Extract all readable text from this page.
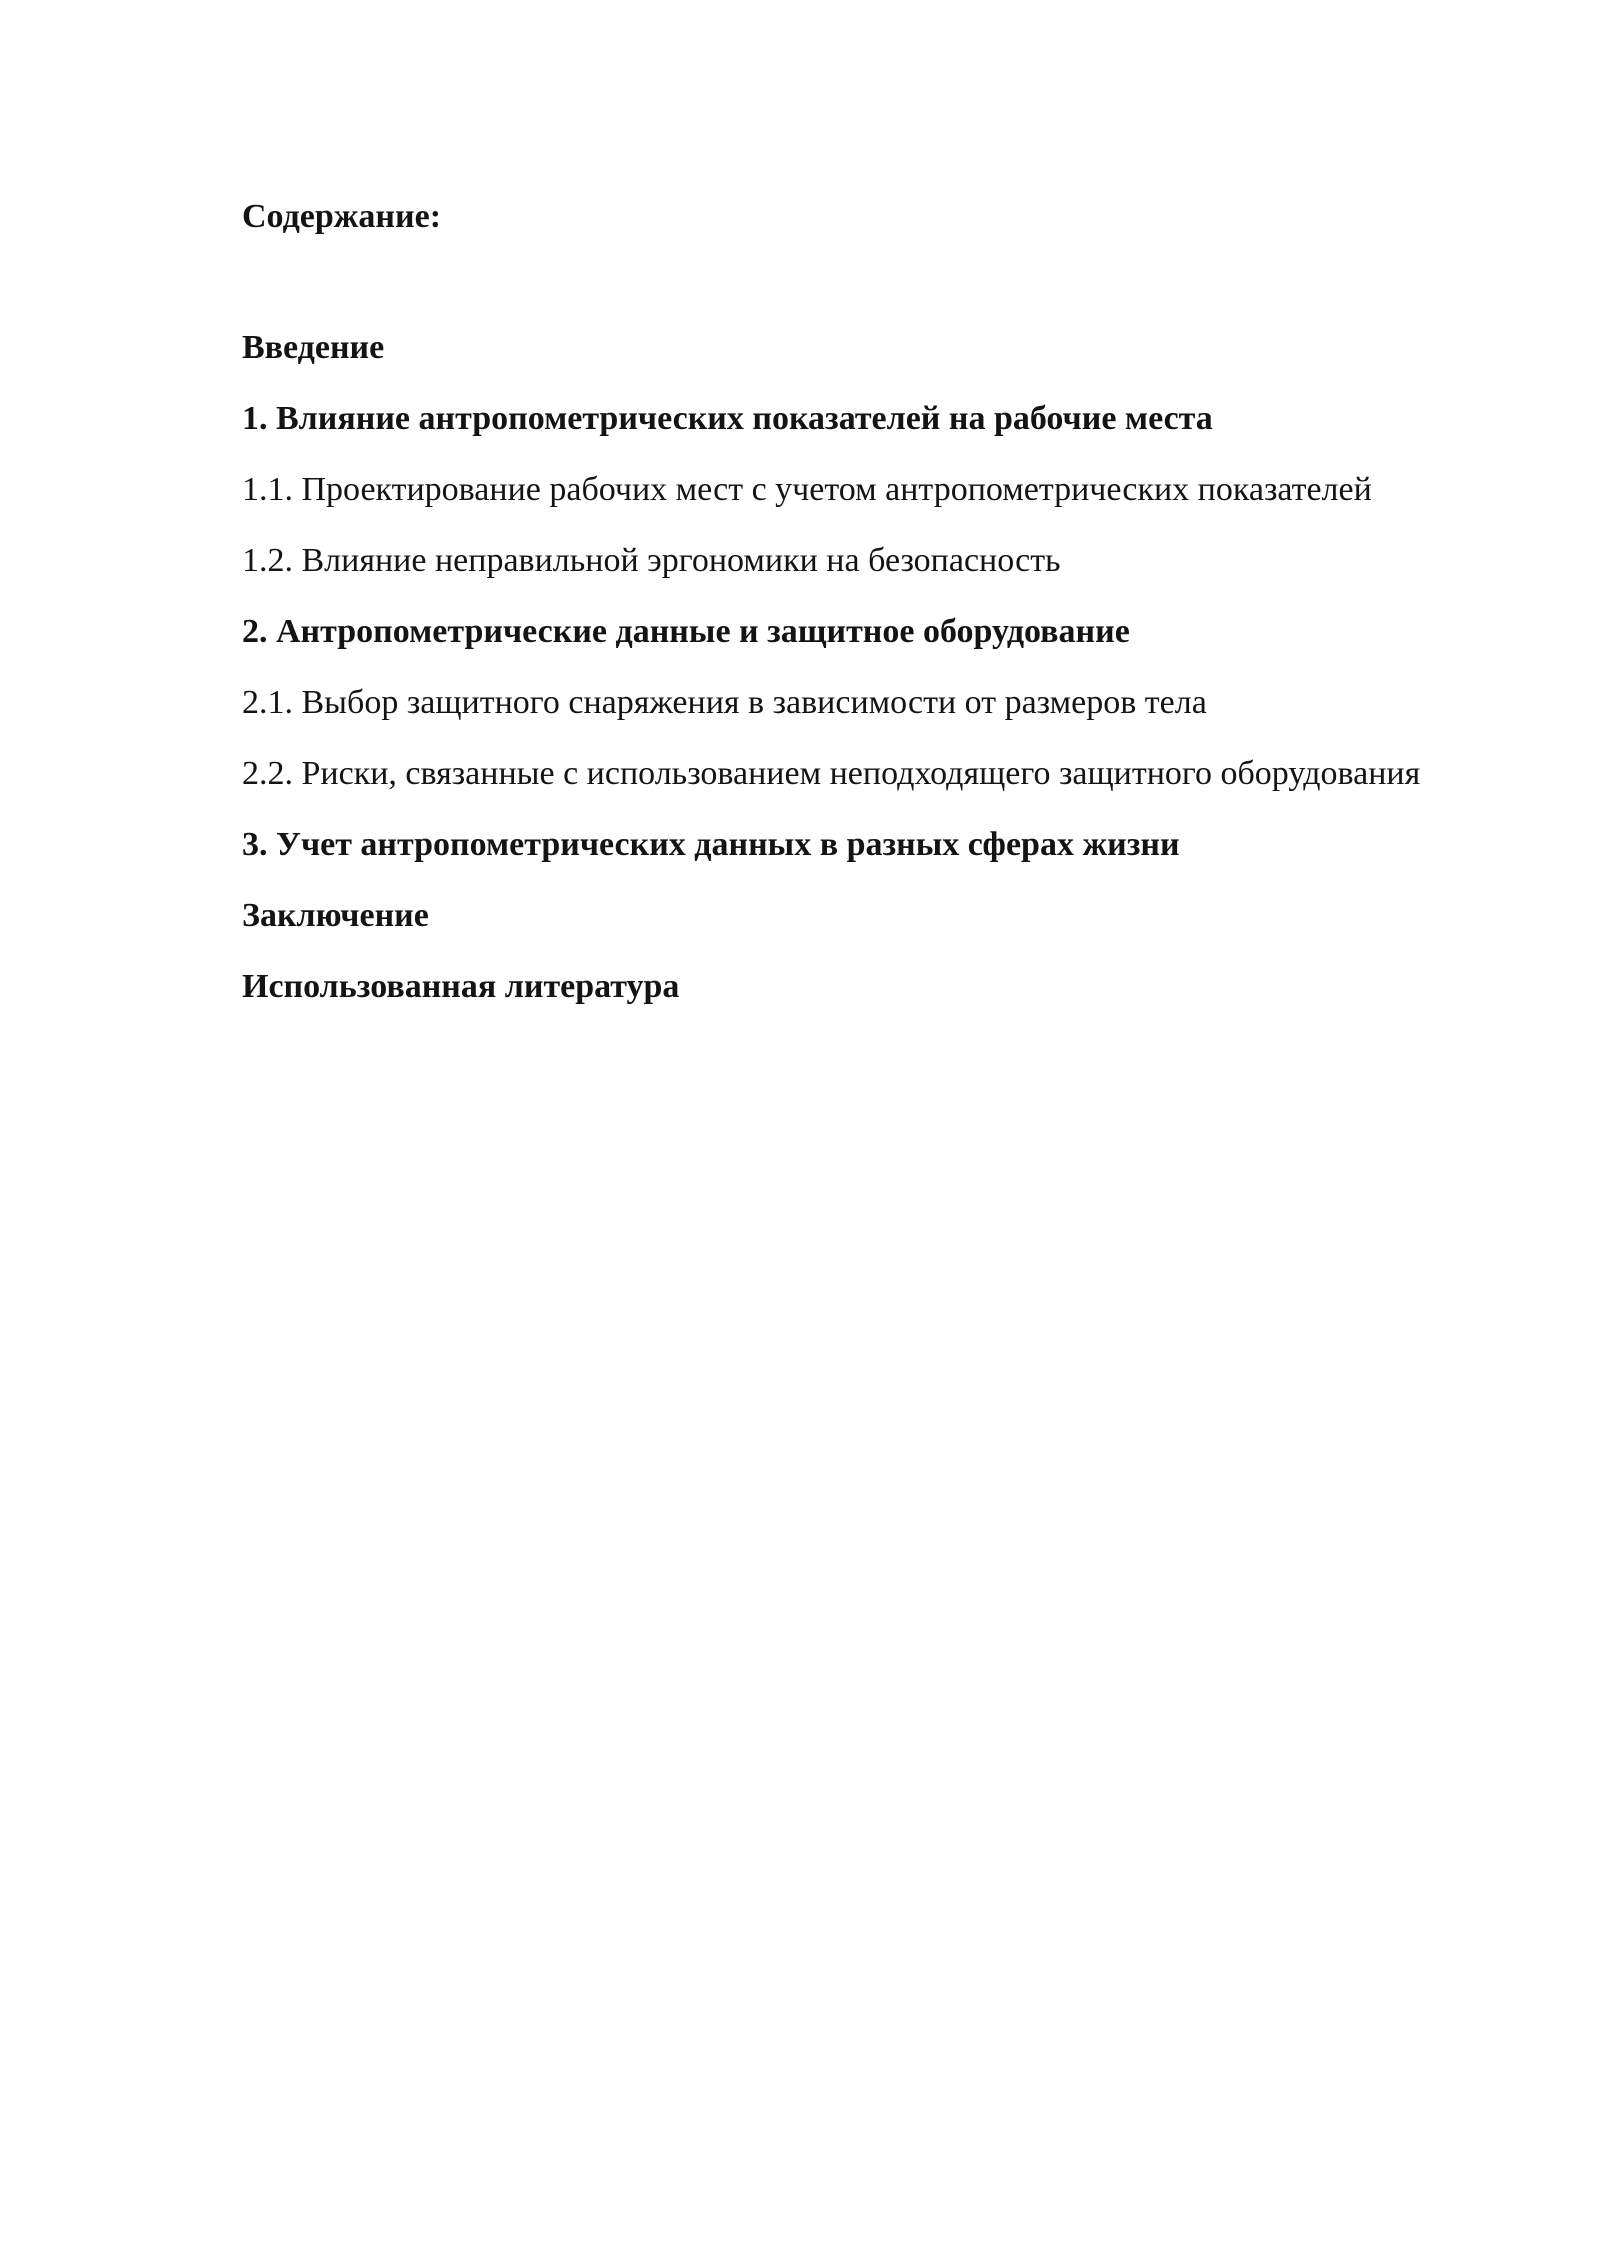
Содержание:
Введение
1. Влияние антропометрических показателей на рабочие места
1.1. Проектирование рабочих мест с учетом антропометрических показателей
1.2. Влияние неправильной эргономики на безопасность
2. Антропометрические данные и защитное оборудование
2.1. Выбор защитного снаряжения в зависимости от размеров тела
2.2. Риски, связанные с использованием неподходящего защитного оборудования
3. Учет антропометрических данных в разных сферах жизни
Заключение
Использованная литература
